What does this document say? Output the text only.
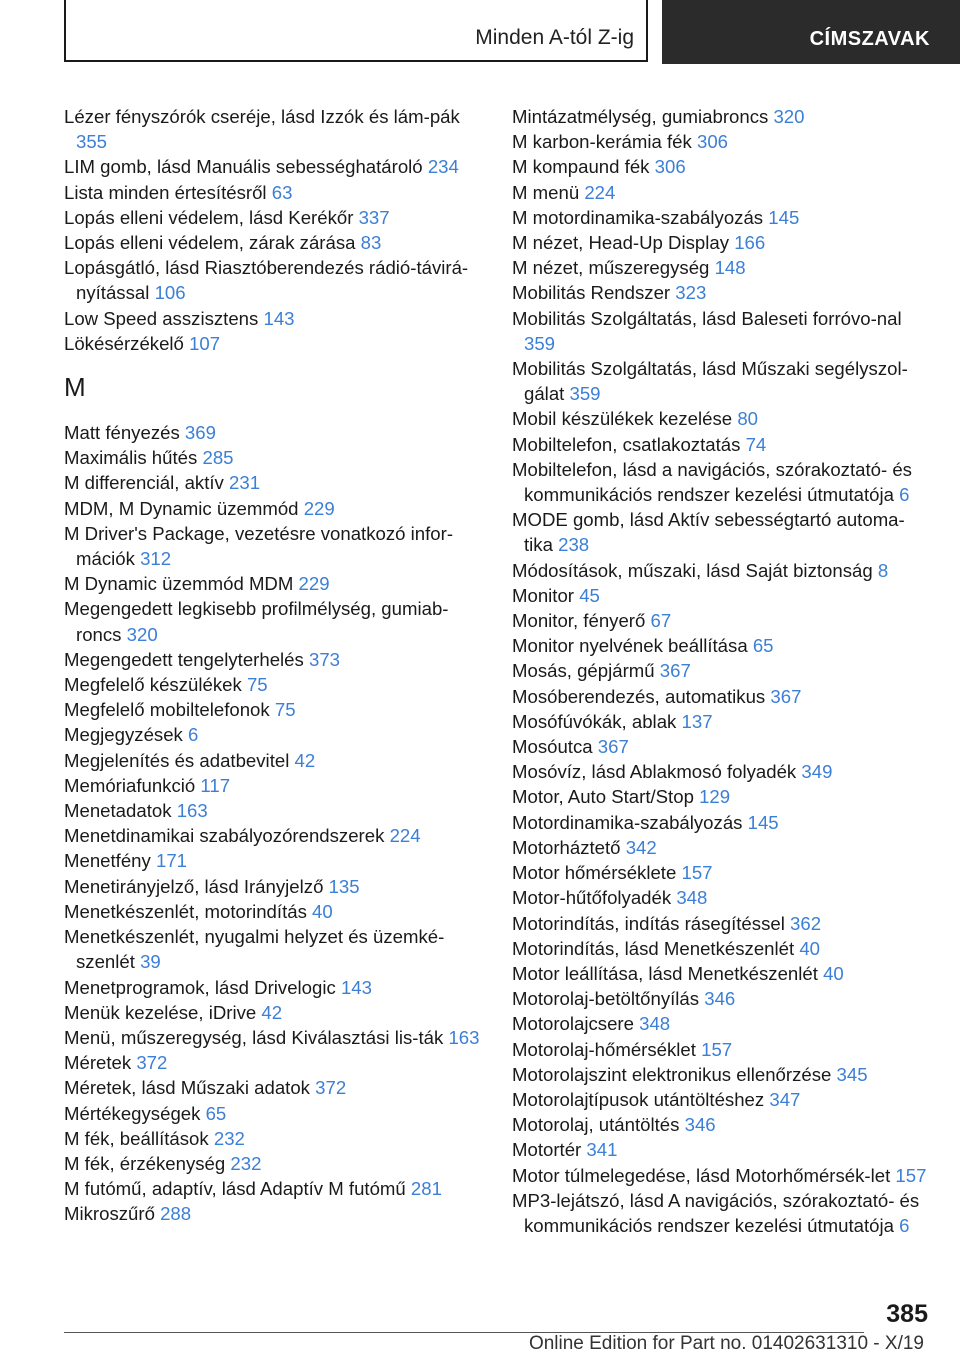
Minden A-tól Z-ig	CÍMSZAVAK

Lézer fényszórók cseréje, lásd Izzók és lám-pák 355

LIM gomb, lásd Manuális sebességhatároló 234

Lista minden értesítésről 63

Lopás elleni védelem, lásd Kerékőr 337

Lopás elleni védelem, zárak zárása 83

Lopásgátló, lásd Riasztóberendezés rádió-távirá-nyítással 106

Low Speed asszisztens 143

Lökésérzékelő 107

M

Matt fényezés 369

Maximális hűtés 285

M differenciál, aktív 231

MDM, M Dynamic üzemmód 229

M Driver's Package, vezetésre vonatkozó infor-mációk 312

M Dynamic üzemmód MDM 229

Megengedett legkisebb profilmélység, gumiab-roncs 320

Megengedett tengelyterhelés 373

Megfelelő készülékek 75

Megfelelő mobiltelefonok 75

Megjegyzések 6

Megjelenítés és adatbevitel 42

Memóriafunkció 117

Menetadatok 163

Menetdinamikai szabályozórendszerek 224

Menetfény 171

Menetirányjelző, lásd Irányjelző 135

Menetkészenlét, motorindítás 40

Menetkészenlét, nyugalmi helyzet és üzemké-szenlét 39

Menetprogramok, lásd Drivelogic 143

Menük kezelése, iDrive 42

Menü, műszeregység, lásd Kiválasztási lis-ták 163

Méretek 372

Méretek, lásd Műszaki adatok 372

Mértékegységek 65

M fék, beállítások 232

M fék, érzékenység 232

M futómű, adaptív, lásd Adaptív M futómű 281

Mikroszűrő 288

Mintázatmélység, gumiabroncs 320

M karbon-kerámia fék 306

M kompaund fék 306

M menü 224

M motordinamika-szabályozás 145

M nézet, Head-Up Display 166

M nézet, műszeregység 148

Mobilitás Rendszer 323

Mobilitás Szolgáltatás, lásd Baleseti forróvo-nal 359

Mobilitás Szolgáltatás, lásd Műszaki segélyszol-gálat 359

Mobil készülékek kezelése 80

Mobiltelefon, csatlakoztatás 74

Mobiltelefon, lásd a navigációs, szórakoztató- és kommunikációs rendszer kezelési útmutatója 6

MODE gomb, lásd Aktív sebességtartó automa-tika 238

Módosítások, műszaki, lásd Saját biztonság 8

Monitor 45

Monitor, fényerő 67

Monitor nyelvének beállítása 65

Mosás, gépjármű 367

Mosóberendezés, automatikus 367

Mosófúvókák, ablak 137

Mosóutca 367

Mosóvíz, lásd Ablakmosó folyadék 349

Motor, Auto Start/Stop 129

Motordinamika-szabályozás 145

Motorháztető 342

Motor hőmérséklete 157

Motor-hűtőfolyadék 348

Motorindítás, indítás rásegítéssel 362

Motorindítás, lásd Menetkészenlét 40

Motor leállítása, lásd Menetkészenlét 40

Motorolaj-betöltőnyílás 346

Motorolajcsere 348

Motorolaj-hőmérséklet 157

Motorolajszint elektronikus ellenőrzése 345

Motorolajtípusok utántöltéshez 347

Motorolaj, utántöltés 346

Motortér 341

Motor túlmelegedése, lásd Motorhőmérsék-let 157

MP3-lejátszó, lásd A navigációs, szórakoztató- és kommunikációs rendszer kezelési útmutatója 6

385
Online Edition for Part no. 01402631310 - X/19
